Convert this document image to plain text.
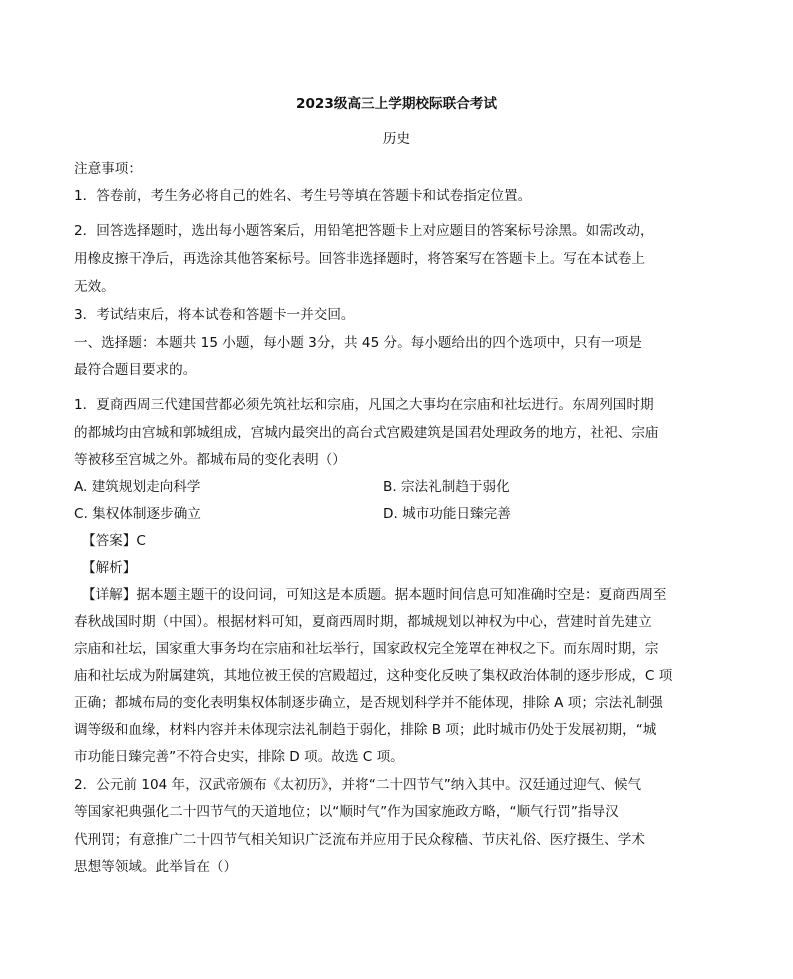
2023级高三上学期校际联合考试
历史
注意事项：
1．答卷前，考生务必将自己的姓名、考生号等填在答题卡和试卷指定位置。
2．回答选择题时，选出每小题答案后，用铅笔把答题卡上对应题目的答案标号涂黑。如需改动，
用橡皮擦干净后，再选涂其他答案标号。回答非选择题时，将答案写在答题卡上。写在本试卷上
无效。
3．考试结束后，将本试卷和答题卡一并交回。
一、选择题：本题共 15 小题，每小题 3分，共 45 分。每小题给出的四个选项中，只有一项是
最符合题目要求的。
1．夏商西周三代建国营都必须先筑社坛和宗庙，凡国之大事均在宗庙和社坛进行。东周列国时期
的都城均由宫城和郭城组成，宫城内最突出的高台式宫殿建筑是国君处理政务的地方，社祀、宗庙
等被移至宫城之外。都城布局的变化表明（）
A. 建筑规划走向科学	B. 宗法礼制趋于弱化
C. 集权体制逐步确立	D. 城市功能日臻完善
【答案】C
【解析】
【详解】据本题主题干的设问词，可知这是本质题。据本题时间信息可知准确时空是：夏商西周至
春秋战国时期（中国）。根据材料可知，夏商西周时期，都城规划以神权为中心，营建时首先建立
宗庙和社坛，国家重大事务均在宗庙和社坛举行，国家政权完全笼罩在神权之下。而东周时期，宗
庙和社坛成为附属建筑，其地位被王侯的宫殿超过，这种变化反映了集权政治体制的逐步形成，C 项
正确；都城布局的变化表明集权体制逐步确立，是否规划科学并不能体现，排除 A 项；宗法礼制强
调等级和血缘，材料内容并未体现宗法礼制趋于弱化，排除 B 项；此时城市仍处于发展初期，“城
市功能日臻完善”不符合史实，排除 D 项。故选 C 项。
2．公元前 104 年，汉武帝颁布《太初历》，并将“二十四节气”纳入其中。汉廷通过迎气、候气
等国家祀典强化二十四节气的天道地位；以“顺时气”作为国家施政方略，“顺气行罚”指导汉
代刑罚；有意推广二十四节气相关知识广泛流布并应用于民众稼穑、节庆礼俗、医疗摄生、学术
思想等领域。此举旨在（）
